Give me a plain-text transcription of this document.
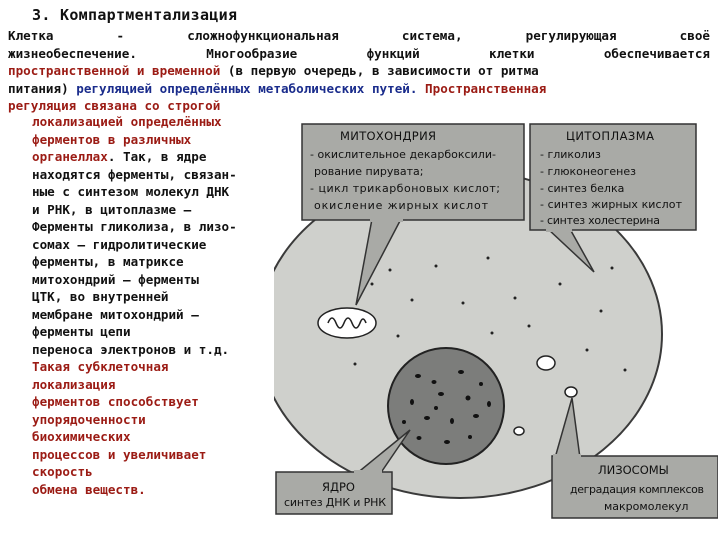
3. Компартментализация
Клетка - сложнофункциональная система, регулирующая своё
жизнеобеспечение. Многообразие функций клетки обеспечивается
пространственной и временной (в первую очередь, в зависимости от ритма
питания) регуляцией определённых метаболических путей. Пространственная
регуляция связана со строгой
МИТОХОНДРИЯ
- окислительное декарбоксили-
рование пирувата;
- цикл трикарбоновых кислот;
окисление жирных кислот
ЦИТОПЛАЗМА
- гликолиз
- глюконеогенез
- синтез белка
- синтез жирных кислот
- синтез холестерина
ЯДРО
синтез ДНК и РНК
ЛИЗОСОМЫ
деградация комплексов
макромолекул
локализацией определённых
ферментов в различных
органеллах. Так, в ядре
находятся ферменты, связан-
ные с синтезом молекул ДНК
и РНК, в цитоплазме –
Ферменты гликолиза, в лизо-
сомах – гидролитические
ферменты, в матриксе
митохондрий – ферменты
ЦТК, во внутренней
мембране митохондрий –
ферменты цепи
переноса электронов и т.д.
Такая субклеточная
локализация
ферментов способствует
упорядоченности
биохимических
процессов и увеличивает
скорость
обмена веществ.
